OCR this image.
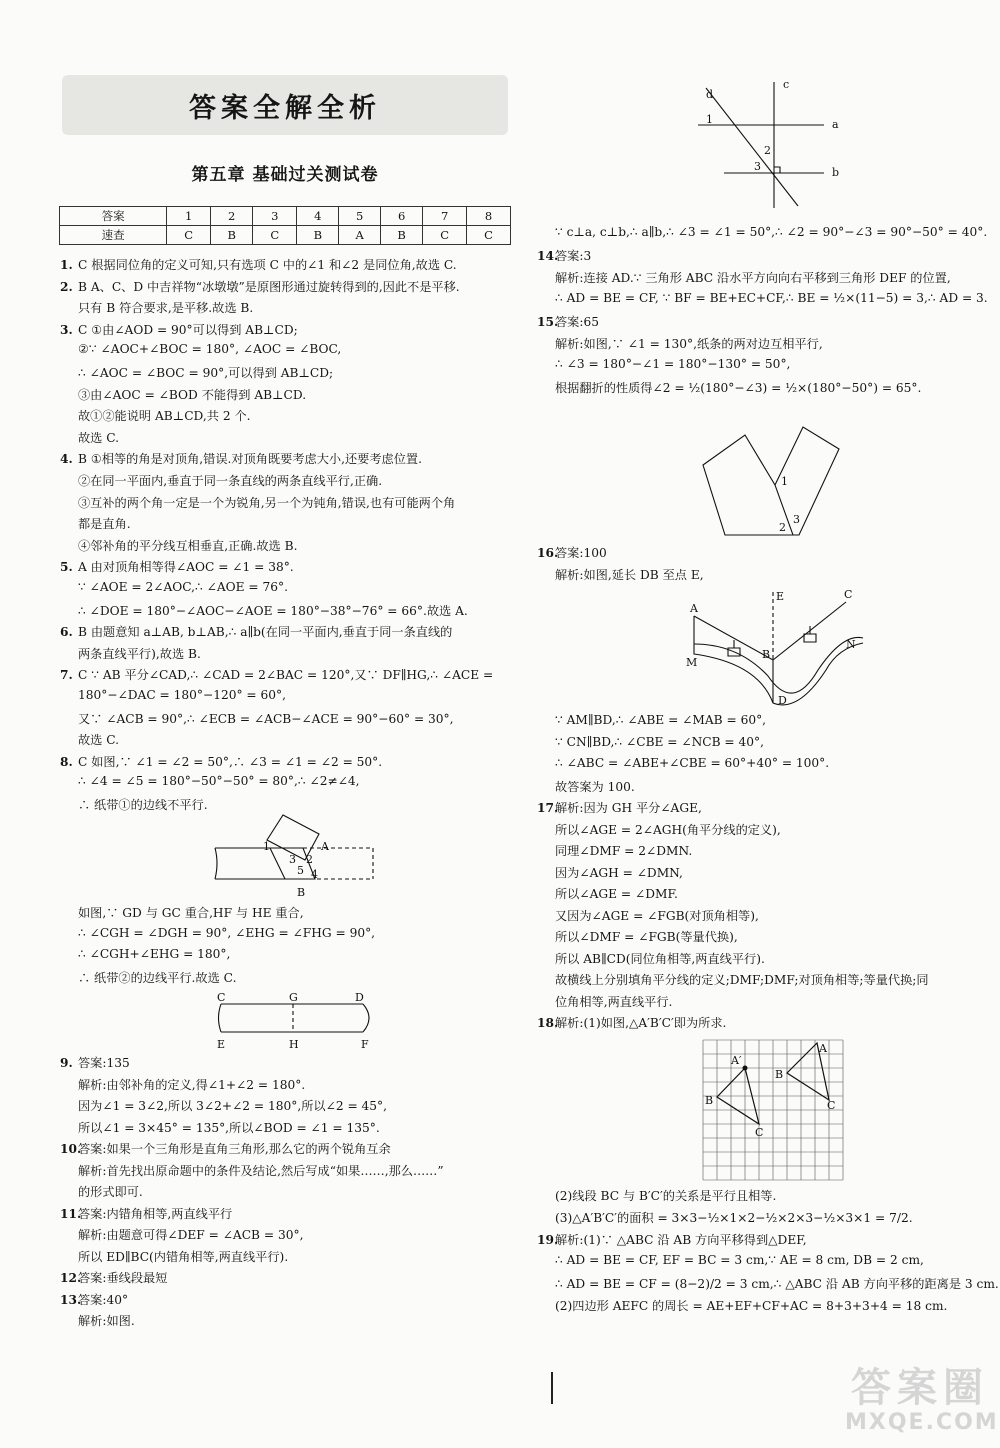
答案全解全析
第五章 基础过关测试卷
答案	1	2	3	4	5	6	7	8
速查	C	B	C	B	A	B	C	C
1. C 根据同位角的定义可知,只有选项 C 中的∠1 和∠2 是同位角,故选 C.
2. B A、C、D 中吉祥物“冰墩墩”是原图形通过旋转得到的,因此不是平移.
只有 B 符合要求,是平移.故选 B.
3. C ①由∠AOD = 90°可以得到 AB⊥CD;
②∵ ∠AOC+∠BOC = 180°, ∠AOC = ∠BOC,
∴ ∠AOC = ∠BOC = 90°,可以得到 AB⊥CD;
③由∠AOC = ∠BOD 不能得到 AB⊥CD.
故①②能说明 AB⊥CD,共 2 个.
故选 C.
4. B ①相等的角是对顶角,错误.对顶角既要考虑大小,还要考虑位置.
②在同一平面内,垂直于同一条直线的两条直线平行,正确.
③互补的两个角一定是一个为锐角,另一个为钝角,错误,也有可能两个角
都是直角.
④邻补角的平分线互相垂直,正确.故选 B.
5. A 由对顶角相等得∠AOC = ∠1 = 38°.
∵ ∠AOE = 2∠AOC,∴ ∠AOE = 76°.
∴ ∠DOE = 180°−∠AOC−∠AOE = 180°−38°−76° = 66°.故选 A.
6. B 由题意知 a⊥AB, b⊥AB,∴ a∥b(在同一平面内,垂直于同一条直线的
两条直线平行),故选 B.
7. C ∵ AB 平分∠CAD,∴ ∠CAD = 2∠BAC = 120°,又∵ DF∥HG,∴ ∠ACE =
180°−∠DAC = 180°−120° = 60°,
又∵ ∠ACB = 90°,∴ ∠ECB = ∠ACB−∠ACE = 90°−60° = 30°,
故选 C.
8. C 如图,∵ ∠1 = ∠2 = 50°,∴ ∠3 = ∠1 = ∠2 = 50°.
∴ ∠4 = ∠5 = 180°−50°−50° = 80°,∴ ∠2≠∠4,
∴ 纸带①的边线不平行.
如图,∵ GD 与 GC 重合,HF 与 HE 重合,
∴ ∠CGH = ∠DGH = 90°, ∠EHG = ∠FHG = 90°,
∴ ∠CGH+∠EHG = 180°,
∴ 纸带②的边线平行.故选 C.
9. 答案:135
解析:由邻补角的定义,得∠1+∠2 = 180°.
因为∠1 = 3∠2,所以 3∠2+∠2 = 180°,所以∠2 = 45°,
所以∠1 = 3×45° = 135°,所以∠BOD = ∠1 = 135°.
10.答案:如果一个三角形是直角三角形,那么它的两个锐角互余
解析:首先找出原命题中的条件及结论,然后写成“如果……,那么……”
的形式即可.
11.答案:内错角相等,两直线平行
解析:由题意可得∠DEF = ∠ACB = 30°,
所以 ED∥BC(内错角相等,两直线平行).
12.答案:垂线段最短
13.答案:40°
解析:如图.
∵ c⊥a, c⊥b,∴ a∥b,∴ ∠3 = ∠1 = 50°,∴ ∠2 = 90°−∠3 = 90°−50° = 40°.
14.答案:3
解析:连接 AD.∵ 三角形 ABC 沿水平方向向右平移到三角形 DEF 的位置,
∴ AD = BE = CF, ∵ BF = BE+EC+CF,∴ BE = ½×(11−5) = 3,∴ AD = 3.
15.答案:65
解析:如图,∵ ∠1 = 130°,纸条的两对边互相平行,
∴ ∠3 = 180°−∠1 = 180°−130° = 50°,
根据翻折的性质得∠2 = ½(180°−∠3) = ½×(180°−50°) = 65°.
16.答案:100
解析:如图,延长 DB 至点 E,
∵ AM∥BD,∴ ∠ABE = ∠MAB = 60°,
∵ CN∥BD,∴ ∠CBE = ∠NCB = 40°,
∴ ∠ABC = ∠ABE+∠CBE = 60°+40° = 100°.
故答案为 100.
17.解析:因为 GH 平分∠AGE,
所以∠AGE = 2∠AGH(角平分线的定义),
同理∠DMF = 2∠DMN.
因为∠AGH = ∠DMN,
所以∠AGE = ∠DMF.
又因为∠AGE = ∠FGB(对顶角相等),
所以∠DMF = ∠FGB(等量代换),
所以 AB∥CD(同位角相等,两直线平行).
故横线上分别填角平分线的定义;DMF;DMF;对顶角相等;等量代换;同
位角相等,两直线平行.
18.解析:(1)如图,△A′B′C′即为所求.
(2)线段 BC 与 B′C′的关系是平行且相等.
(3)△A′B′C′的面积 = 3×3−½×1×2−½×2×3−½×3×1 = 7/2.
19.解析:(1)∵ △ABC 沿 AB 方向平移得到△DEF,
∴ AD = BE = CF, EF = BC = 3 cm,∵ AE = 8 cm, DB = 2 cm,
∴ AD = BE = CF = (8−2)/2 = 3 cm,∴ △ABC 沿 AB 方向平移的距离是 3 cm.
(2)四边形 AEFC 的周长 = AE+EF+CF+AC = 8+3+3+4 = 18 cm.
1
3 2
A
5 4
B
C	G	D
E	H	F
d
c
1	a
2
3	b
1
2
3
E	C
A
B
M
N
D
A
A′
B
C
B
C
答案圈
MXQE.COM
